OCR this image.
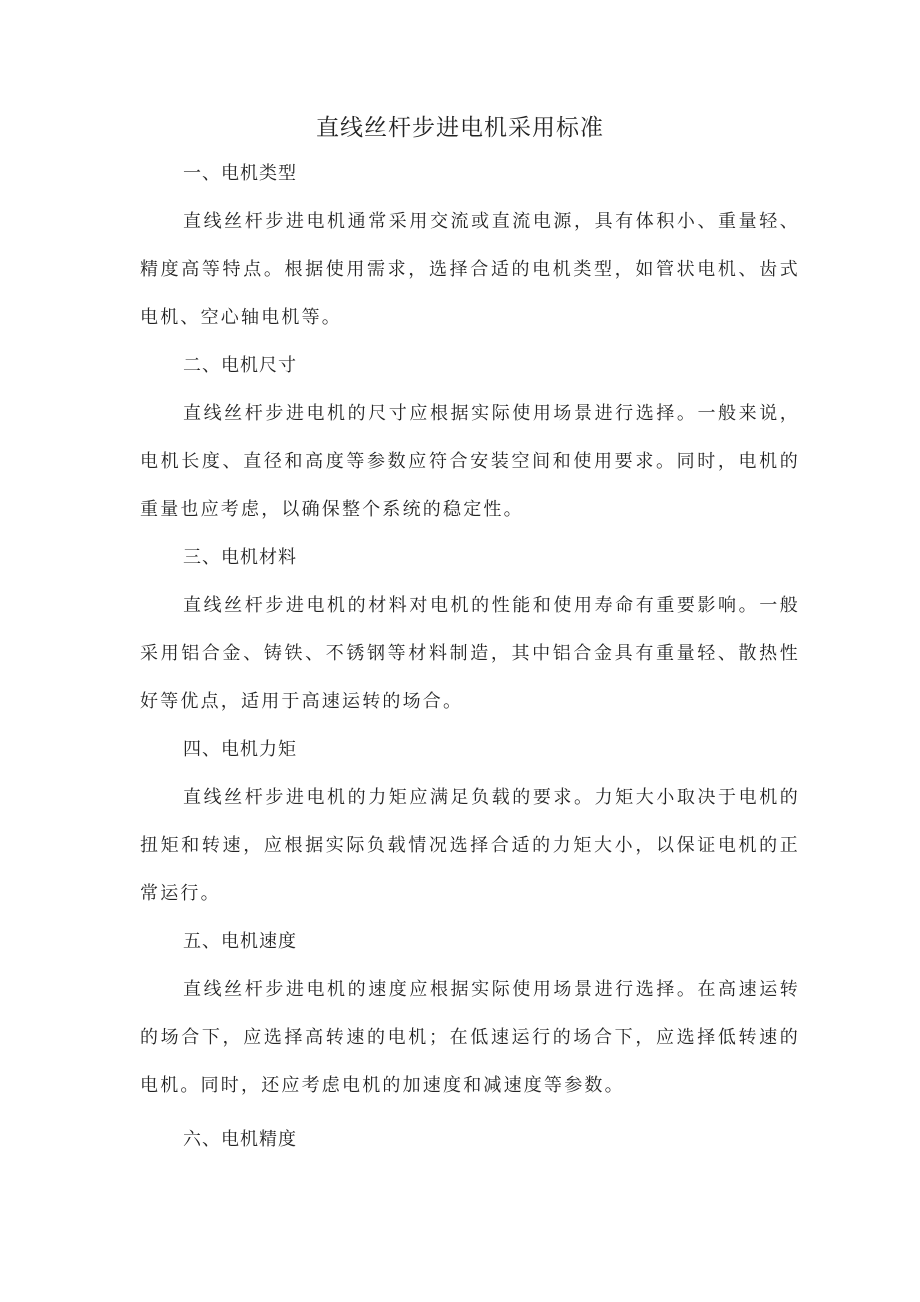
直线丝杆步进电机采用标准
一、电机类型

直线丝杆步进电机通常采用交流或直流电源，具有体积小、重量轻、精度高等特点。根据使用需求，选择合适的电机类型，如管状电机、齿式电机、空心轴电机等。

二、电机尺寸

直线丝杆步进电机的尺寸应根据实际使用场景进行选择。一般来说，电机长度、直径和高度等参数应符合安装空间和使用要求。同时，电机的重量也应考虑，以确保整个系统的稳定性。

三、电机材料

直线丝杆步进电机的材料对电机的性能和使用寿命有重要影响。一般采用铝合金、铸铁、不锈钢等材料制造，其中铝合金具有重量轻、散热性好等优点，适用于高速运转的场合。

四、电机力矩

直线丝杆步进电机的力矩应满足负载的要求。力矩大小取决于电机的扭矩和转速，应根据实际负载情况选择合适的力矩大小，以保证电机的正常运行。

五、电机速度

直线丝杆步进电机的速度应根据实际使用场景进行选择。在高速运转的场合下，应选择高转速的电机；在低速运行的场合下，应选择低转速的电机。同时，还应考虑电机的加速度和减速度等参数。

六、电机精度
